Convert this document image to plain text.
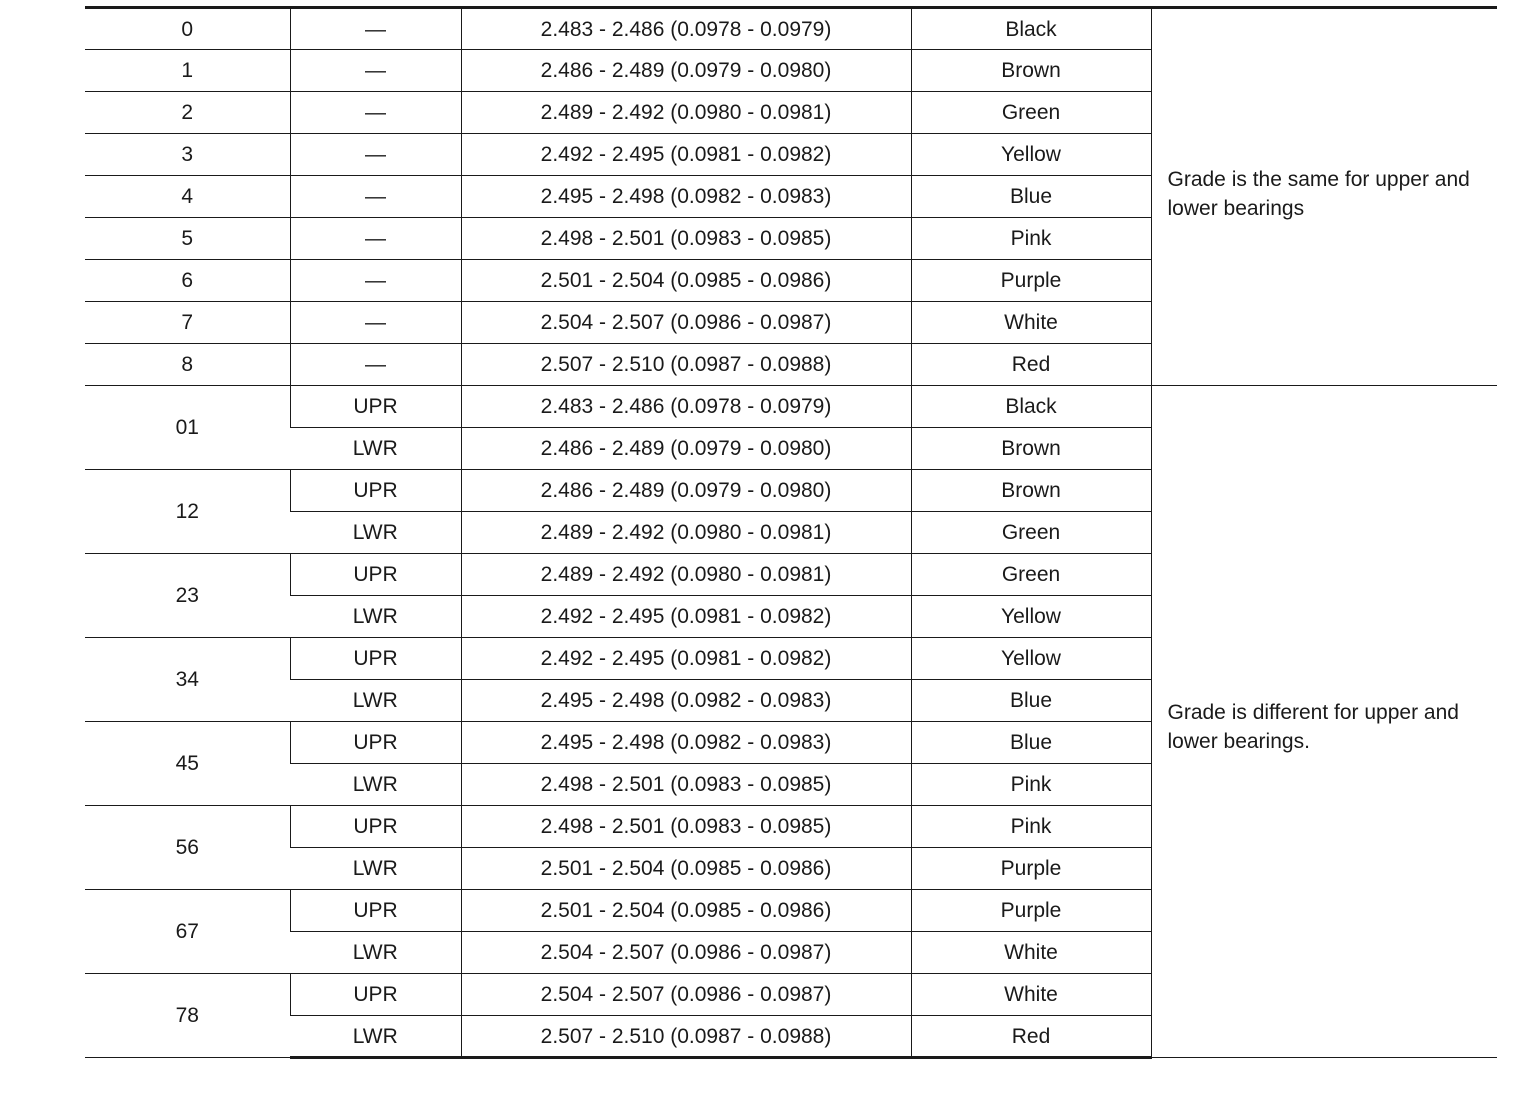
0	—	2.483 - 2.486 (0.0978 - 0.0979)	Black	Grade is the same for upper and lower bearings

1	—	2.486 - 2.489 (0.0979 - 0.0980)	Brown	
2	—	2.489 - 2.492 (0.0980 - 0.0981)	Green	
3	—	2.492 - 2.495 (0.0981 - 0.0982)	Yellow	
4	—	2.495 - 2.498 (0.0982 - 0.0983)	Blue	
5	—	2.498 - 2.501 (0.0983 - 0.0985)	Pink	
6	—	2.501 - 2.504 (0.0985 - 0.0986)	Purple	
7	—	2.504 - 2.507 (0.0986 - 0.0987)	White	
8	—	2.507 - 2.510 (0.0987 - 0.0988)	Red	
01	UPR	2.483 - 2.486 (0.0978 - 0.0979)	Black	Grade is different for upper and lower bearings.

	LWR	2.486 - 2.489 (0.0979 - 0.0980)	Brown	
12	UPR	2.486 - 2.489 (0.0979 - 0.0980)	Brown	
	LWR	2.489 - 2.492 (0.0980 - 0.0981)	Green	
23	UPR	2.489 - 2.492 (0.0980 - 0.0981)	Green	
	LWR	2.492 - 2.495 (0.0981 - 0.0982)	Yellow	
34	UPR	2.492 - 2.495 (0.0981 - 0.0982)	Yellow	
	LWR	2.495 - 2.498 (0.0982 - 0.0983)	Blue	
45	UPR	2.495 - 2.498 (0.0982 - 0.0983)	Blue	
	LWR	2.498 - 2.501 (0.0983 - 0.0985)	Pink	
56	UPR	2.498 - 2.501 (0.0983 - 0.0985)	Pink	
	LWR	2.501 - 2.504 (0.0985 - 0.0986)	Purple	
67	UPR	2.501 - 2.504 (0.0985 - 0.0986)	Purple	
	LWR	2.504 - 2.507 (0.0986 - 0.0987)	White	
78	UPR	2.504 - 2.507 (0.0986 - 0.0987)	White	
	LWR	2.507 - 2.510 (0.0987 - 0.0988)	Red	
